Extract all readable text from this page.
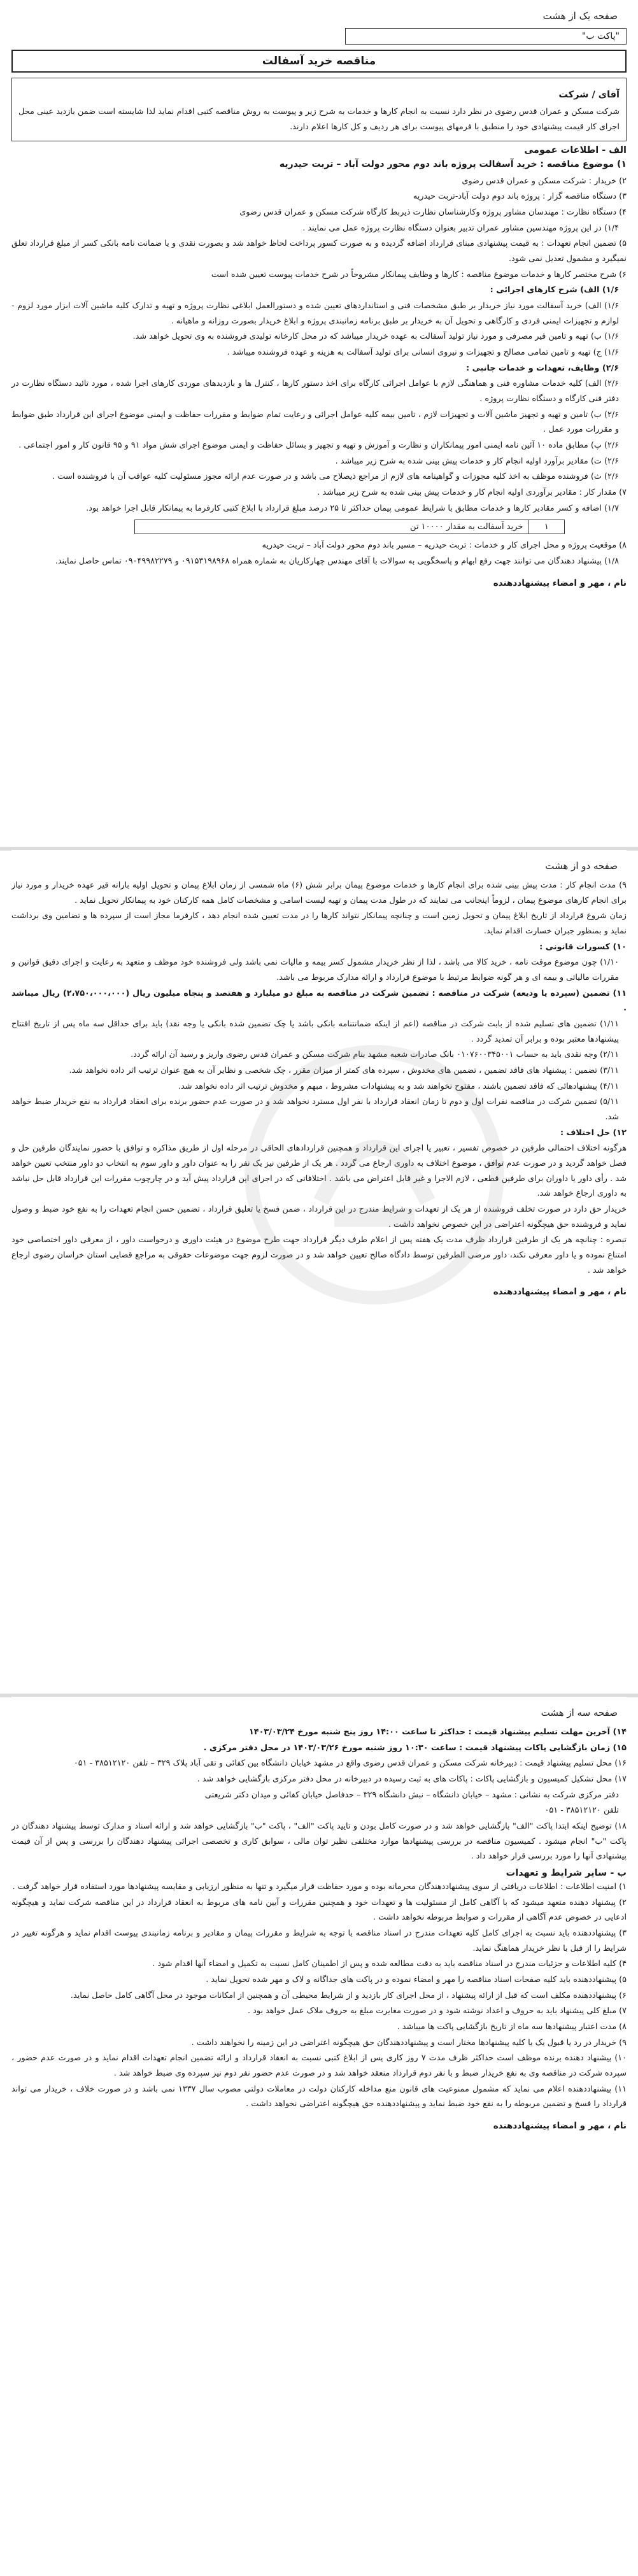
صفحه یک از هشت
"پاکت ب"
مناقصه خرید آسفالت
آقای / شرکت
شرکت مسکن و عمران قدس رضوی در نظر دارد نسبت به انجام کارها و خدمات به شرح زیر و پیوست به روش مناقصه کتبی اقدام نماید لذا شایسته است ضمن بازدید عینی محل اجرای کار قیمت پیشنهادی خود را منطبق با فرمهای پیوست برای هر ردیف و کل کارها اعلام دارند.
الف - اطلاعات عمومی
۱) موضوع مناقصه : خرید آسفالت پروژه باند دوم محور دولت آباد – تربت حیدریه
۲) خریدار : شرکت مسکن و عمران قدس رضوی
۳) دستگاه مناقصه گزار : پروژه باند دوم دولت آباد-تربت حیدریه
۴) دستگاه نظارت : مهندسان مشاور پروژه وکارشناسان نظارت ذیربط کارگاه شرکت مسکن و عمران قدس رضوی
۱/۴) در این پروژه مهندسین مشاور عمران تدبیر بعنوان دستگاه نظارت پروژه عمل می نمایند .
۵) تضمین انجام تعهدات : به قیمت پیشنهادی مبنای قرارداد اضافه گردیده و به صورت کسور پرداخت لحاظ خواهد شد و بصورت نقدی و یا ضمانت نامه بانکی کسر از مبلغ قرارداد تعلق نمیگیرد و مشمول تعدیل نمی شود.
۶) شرح مختصر کارها و خدمات موضوع مناقصه : کارها و وظایف پیمانکار مشروحاً در شرح خدمات پیوست تعیین شده است
۱/۶) الف) شرح کارهای اجرائی :
۱/۶) الف) خرید آسفالت مورد نیاز خریدار بر طبق مشخصات فنی و استانداردهای تعیین شده و دستورالعمل ابلاغی نظارت پروژه و تهیه و تدارک کلیه ماشین آلات ابزار مورد لزوم - لوازم و تجهیزات ایمنی فردی و کارگاهی و تحویل آن به خریدار بر طبق برنامه زمانبندی پروژه و ابلاغ خریدار بصورت روزانه و ماهیانه .
۱/۶) ب) تهیه و تامین قیر مصرفی و مورد نیاز تولید آسفالت به عهده خریدار میباشد که در محل کارخانه تولیدی فروشنده به وی تحویل خواهد شد.
۱/۶) ج) تهیه و تامین تمامی مصالح و تجهیزات و نیروی انسانی برای تولید آسفالت به هزینه و عهده فروشنده میباشد .
۲/۶) وظایف، تعهدات و خدمات جانبی :
۲/۶) الف) کلیه خدمات مشاوره فنی و هماهنگی لازم با عوامل اجرائی کارگاه برای اخذ دستور کارها ، کنترل ها و بازدیدهای موردی کارهای اجرا شده ، مورد تائید دستگاه نظارت در دفتر فنی کارگاه و دستگاه نظارت پروژه .
۲/۶) ب) تامین و تهیه و تجهیز ماشین آلات و تجهیزات لازم ، تامین بیمه کلیه عوامل اجرائی و رعایت تمام ضوابط و مقررات حفاظت و ایمنی موضوع اجرای این قرارداد طبق ضوابط و مقررات مورد عمل .
۲/۶) پ) مطابق ماده ۱۰ آئین نامه ایمنی امور پیمانکاران و نظارت و آموزش و تهیه و تجهیز و بسائل حفاظت و ایمنی موضوع اجرای شش مواد ۹۱ و ۹۵ قانون کار و امور اجتماعی .
۲/۶) ت) مقادیر برآورد اولیه انجام کار و خدمات پیش بینی شده به شرح زیر میباشد .
۲/۶) ث) فروشنده موظف به اخذ کلیه مجوزات و گواهینامه های لازم از مراجع ذیصلاح می باشد و در صورت عدم ارائه مجوز مسئولیت کلیه عواقب آن با فروشنده است .
۷) مقدار کار : مقادیر برآوردی اولیه انجام کار و خدمات پیش بینی شده به شرح زیر میباشد .
۱/۷) اضافه و کسر مقادیر کارها و خدمات مطابق با شرایط عمومی پیمان حداکثر تا ۲۵ درصد مبلغ قرارداد با ابلاغ کتبی کارفرما به پیمانکار قابل اجرا خواهد بود.
۱	خرید آسفالت به مقدار ۱۰۰۰۰ تن
۸) موقعیت پروژه و محل اجرای کار و خدمات : تربت حیدریه – مسیر باند دوم محور دولت آباد – تربت حیدریه
۱/۸) پیشنهاد دهندگان می توانند جهت رفع ابهام و پاسخگویی به سوالات با آقای مهندس چهارکاریان به شماره همراه ۰۹۱۵۳۱۹۸۹۶۸ و ۰۹۰۴۹۹۸۲۲۷۹ تماس حاصل نمایند.
نام ، مهر و امضاء پیشنهاددهنده
صفحه دو از هشت
۹) مدت انجام کار : مدت پیش بینی شده برای انجام کارها و خدمات موضوع پیمان برابر شش (۶) ماه شمسی از زمان ابلاغ پیمان و تحویل اولیه بارانه قیر عهده خریدار و مورد نیاز برای انجام کارهای موضوع پیمان ، لزوماً اینجانب می تمایند که در طول مدت پیمان و تهیه لیست اسامی و مشخصات کامل همه کارکنان خود به پیمانکار تحویل نماید .
زمان شروع قرارداد از تاریخ ابلاغ پیمان و تحویل زمین است و چنانچه پیمانکار نتواند کارها را در مدت تعیین شده انجام دهد ، کارفرما مجاز است از سپرده ها و تضامین وی برداشت نماید و بمنظور جبران خسارت اقدام نماید.
۱۰) کسورات قانونی :
۱/۱۰) چون موضوع موقت نامه ، خرید کالا می باشد ، لذا از نظر خریدار مشمول کسر بیمه و مالیات نمی باشد ولی فروشنده خود موظف و متعهد به رعایت و اجرای دقیق قوانین و مقررات مالیاتی و بیمه ای و هر گونه ضوابط مرتبط با موضوع قرارداد و ارائه مدارک مربوط می باشد.
۱۱) تضمین (سپرده یا ودیعه) شرکت در مناقصه : تضمین شرکت در مناقصه به مبلغ دو میلیارد و هفتصد و پنجاه میلیون ریال (۲،۷۵۰،۰۰۰،۰۰۰) ریال میباشد .
۱/۱۱) تضمین های تسلیم شده از بابت شرکت در مناقصه (اعم از اینکه ضمانتنامه بانکی باشد یا چک تضمین شده بانکی یا وجه نقد) باید برای حداقل سه ماه پس از تاریخ افتتاح پیشنهادها معتبر بوده و برابر آن تمدید گردد .
۲/۱۱) وجه نقدی باید به حساب ۰۱۰۷۶۰۰۳۴۵۰۰۱ بانک صادرات شعبه مشهد بنام شرکت مسکن و عمران قدس رضوی واریز و رسید آن ارائه گردد.
۳/۱۱) تضمین : پیشنهاد های فاقد تضمین ، تضمین های مخدوش ، سپرده های کمتر از میزان مقرر ، چک شخصی و نظایر آن به هیچ عنوان ترتیب اثر داده نخواهد شد.
۴/۱۱) پیشنهادهائی که فاقد تضمین باشند ، مفتوح نخواهند شد و به پیشنهادات مشروط ، مبهم و مخدوش ترتیب اثر داده نخواهد شد.
۵/۱۱) تضمین شرکت در مناقصه نفرات اول و دوم تا زمان انعقاد قرارداد با نفر اول مسترد نخواهد شد و در صورت عدم حضور برنده برای انعقاد قرارداد به نفع خریدار ضبط خواهد شد.
۱۲) حل اختلاف :
هرگونه اختلاف احتمالی طرفین در خصوص تفسیر ، تعبیر یا اجرای این قرارداد و همچنین قراردادهای الحاقی در مرحله اول از طریق مذاکره و توافق با حضور نمایندگان طرفین حل و فصل خواهد گردید و در صورت عدم توافق ، موضوع اختلاف به داوری ارجاع می گردد . هر یک از طرفین نیز یک نفر را به عنوان داور و داور سوم به انتخاب دو داور منتخب تعیین خواهد شد . رأی داور یا داوران برای طرفین قطعی ، لازم الاجرا و غیر قابل اعتراض می باشد . اختلافاتی که در اجرای این قرارداد پیش آید و در چارچوب مقررات این قرارداد قابل حل نباشد به داوری ارجاع خواهد شد.
خریدار حق دارد در صورت تخلف فروشنده از هر یک از تعهدات و شرایط مندرج در این قرارداد ، ضمن فسخ یا تعلیق قرارداد ، تضمین حسن انجام تعهدات را به نفع خود ضبط و وصول نماید و فروشنده حق هیچگونه اعتراضی در این خصوص نخواهد داشت .
تبصره : چنانچه هر یک از طرفین قرارداد ظرف مدت یک هفته پس از اعلام طرف دیگر قرارداد جهت طرح موضوع در هیئت داوری و درخواست داور ، از معرفی داور اختصاصی خود امتناع نموده و یا داور معرفی نکند، داور مرضی الطرفین توسط دادگاه صالح تعیین خواهد شد و در صورت لزوم جهت موضوعات حقوقی به مراجع قضایی استان خراسان رضوی ارجاع خواهد شد .
نام ، مهر و امضاء پیشنهاددهنده
صفحه سه از هشت
۱۴) آخرین مهلت تسلیم پیشنهاد قیمت : حداکثر تا ساعت ۱۴:۰۰ روز پنج شنبه مورخ ۱۴۰۳/۰۳/۲۴
۱۵) زمان بازگشایی پاکات پیشنهاد قیمت : ساعت ۱۰:۳۰ روز شنبه مورخ ۱۴۰۳/۰۳/۲۶ در محل دفتر مرکزی .
۱۶) محل تسلیم پیشنهاد قیمت : دبیرخانه شرکت مسکن و عمران قدس رضوی واقع در مشهد خیابان دانشگاه بین کفائی و تقی آباد پلاک ۳۲۹ – تلفن ۳۸۵۱۲۱۲۰ - ۰۵۱
۱۷) محل تشکیل کمیسیون و بازگشایی پاکات : پاکات های به ثبت رسیده در دبیرخانه در محل دفتر مرکزی بازگشایی خواهد شد .
دفتر مرکزی شرکت به نشانی : مشهد – خیابان دانشگاه – نبش دانشگاه ۳۲۹ – حدفاصل خیابان کفائی و میدان دکتر شریعتی
تلفن ۳۸۵۱۲۱۲۰ - ۰۵۱
۱۸) توضیح اینکه ابتدا پاکت "الف" بازگشایی خواهد شد و در صورت کامل بودن و تایید پاکت "الف" ، پاکت "ب" بازگشایی خواهد شد و ارائه اسناد و مدارک توسط پیشنهاد دهندگان در پاکت "ب" انجام میشود . کمیسیون مناقصه در بررسی پیشنهادها موارد مختلفی نظیر توان مالی ، سوابق کاری و تخصصی اجرائی پیشنهاد دهندگان را بررسی و پس از آن قیمت پیشنهادی آنها را مورد بررسی قرار خواهد داد .
ب - سایر شرایط و تعهدات
۱) امنیت اطلاعات : اطلاعات دریافتی از سوی پیشنهاددهندگان محرمانه بوده و مورد حفاظت قرار میگیرد و تنها به منظور ارزیابی و مقایسه پیشنهادها مورد استفاده قرار خواهد گرفت .
۲) پیشنهاد دهنده متعهد میشود که با آگاهی کامل از مسئولیت ها و تعهدات خود و همچنین مقررات و آیین نامه های مربوط به انعقاد قرارداد در این مناقصه شرکت نماید و هیچگونه ادعایی در خصوص عدم آگاهی از مقررات و ضوابط مربوطه نخواهد داشت .
۳) پیشنهاددهنده باید نسبت به اجرای کامل کلیه تعهدات مندرج در اسناد مناقصه با توجه به شرایط و مقررات پیمان و مقادیر و برنامه زمانبندی پیوست اقدام نماید و هرگونه تغییر در شرایط را از قبل با نظر خریدار هماهنگ نماید.
۴) کلیه اطلاعات و جزئیات مندرج در اسناد مناقصه باید به دقت مطالعه شده و پس از اطمینان کامل نسبت به تکمیل و امضاء آنها اقدام شود .
۵) پیشنهاددهنده باید کلیه صفحات اسناد مناقصه را مهر و امضاء نموده و در پاکت های جداگانه و لاک و مهر شده تحویل نماید .
۶) پیشنهاددهنده مکلف است که قبل از ارائه پیشنهاد ، از محل اجرای کار بازدید و از شرایط محیطی آن و همچنین از امکانات موجود در محل آگاهی کامل حاصل نماید.
۷) مبلغ کلی پیشنهاد باید به حروف و اعداد نوشته شود و در صورت مغایرت مبلغ به حروف ملاک عمل خواهد بود .
۸) مدت اعتبار پیشنهادها سه ماه از تاریخ بازگشایی پاکت ها میباشد .
۹) خریدار در رد یا قبول یک یا کلیه پیشنهادها مختار است و پیشنهاددهندگان حق هیچگونه اعتراضی در این زمینه را نخواهند داشت .
۱۰) پیشنهاد دهنده برنده موظف است حداکثر ظرف مدت ۷ روز کاری پس از ابلاغ کتبی نسبت به انعقاد قرارداد و ارائه تضمین انجام تعهدات اقدام نماید و در صورت عدم حضور ، سپرده شرکت در مناقصه وی به نفع خریدار ضبط و با نفر دوم قرارداد منعقد خواهد شد و در صورت عدم حضور نفر دوم نیز سپرده وی ضبط خواهد شد .
۱۱) پیشنهاددهنده اعلام می نماید که مشمول ممنوعیت های قانون منع مداخله کارکنان دولت در معاملات دولتی مصوب سال ۱۳۳۷ نمی باشد و در صورت خلاف ، خریدار می تواند قرارداد را فسخ و تضمین مربوطه را به نفع خود ضبط نماید و پیشنهاددهنده حق هیچگونه اعتراضی نخواهد داشت .
نام ، مهر و امضاء پیشنهاددهنده
